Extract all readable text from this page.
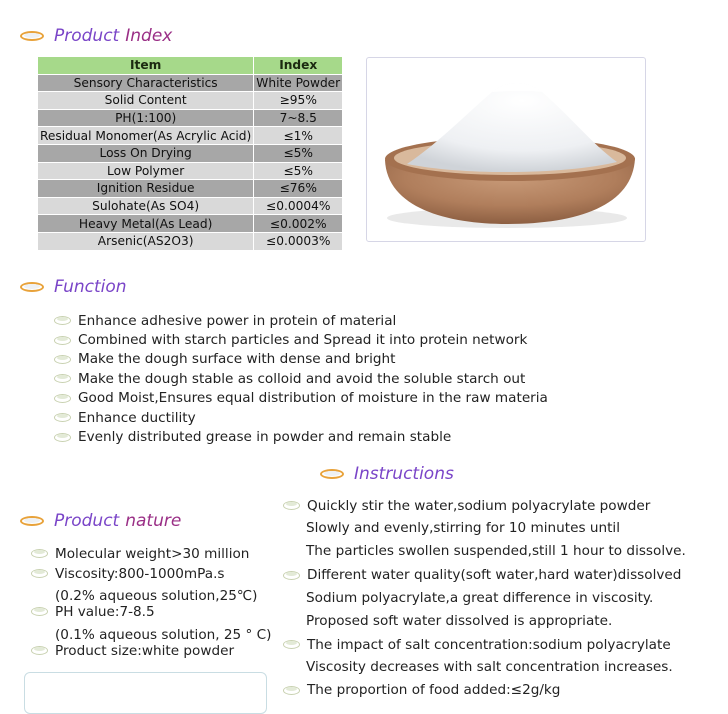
Product Index
Item	Index
Sensory Characteristics	White Powder
Solid Content	≥95%
PH(1:100)	7~8.5
Residual Monomer(As Acrylic Acid)	≤1%
Loss On Drying	≤5%
Low Polymer	≤5%
Ignition Residue	≤76%
Sulohate(As SO4)	≤0.0004%
Heavy Metal(As Lead)	≤0.002%
Arsenic(AS2O3)	≤0.0003%
Function
Enhance adhesive power in protein of material
Combined with starch particles and Spread it into protein network
Make the dough surface with dense and bright
Make the dough stable as colloid and avoid the soluble starch out
Good Moist,Ensures equal distribution of moisture in the raw materia
Enhance ductility
Evenly distributed grease in powder and remain stable
Instructions
Quickly stir the water,sodium polyacrylate powder
Slowly and evenly,stirring for 10 minutes until
The particles swollen suspended,still 1 hour to dissolve.
Different water quality(soft water,hard water)dissolved
Sodium polyacrylate,a great difference in viscosity.
Proposed soft water dissolved is appropriate.
The impact of salt concentration:sodium polyacrylate
Viscosity decreases with salt concentration increases.
The proportion of food added:≤2g/kg
Product nature
Molecular weight>30 million
Viscosity:800-1000mPa.s
(0.2% aqueous solution,25℃)
PH value:7-8.5
(0.1% aqueous solution, 25 ° C)
Product size:white powder
